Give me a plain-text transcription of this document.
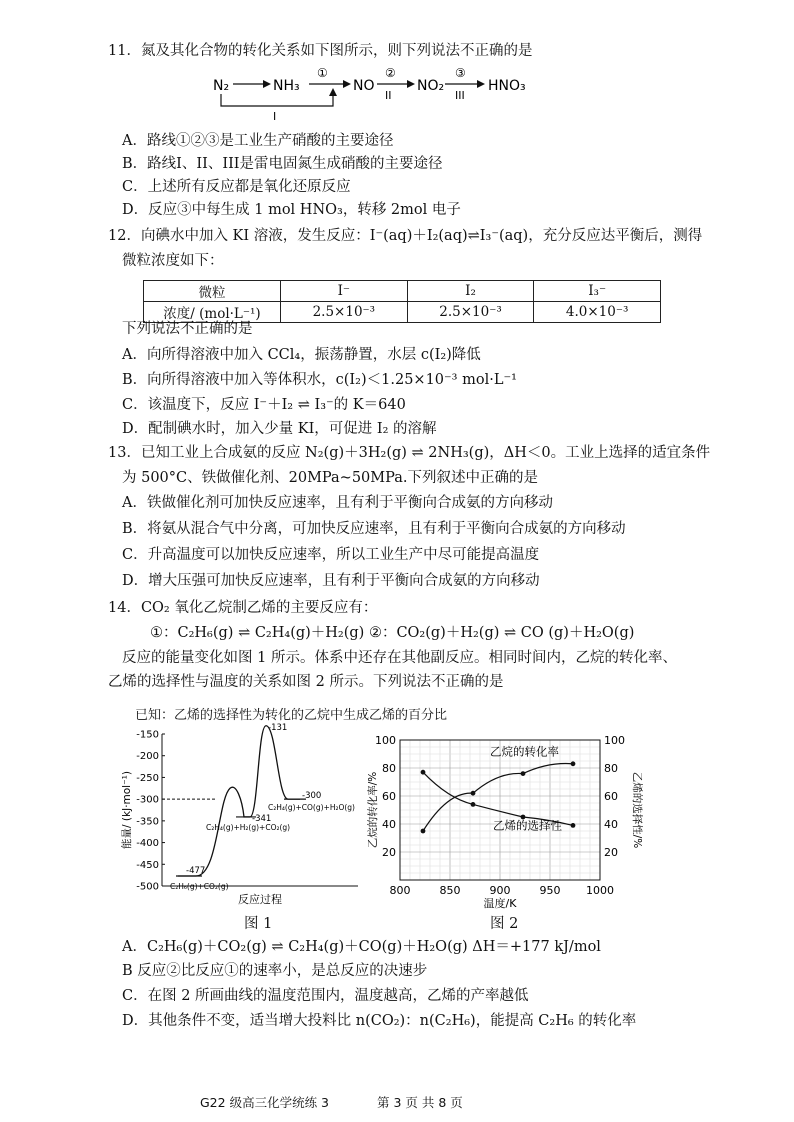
11．氮及其化合物的转化关系如下图所示，则下列说法不正确的是
N₂	NH₃
①
NO
②
II
NO₂
③
III
HNO₃
I
A．路线①②③是工业生产硝酸的主要途径
B．路线I、II、III是雷电固氮生成硝酸的主要途径
C．上述所有反应都是氧化还原反应
D．反应③中每生成 1 mol HNO₃，转移 2mol 电子
12．向碘水中加入 KI 溶液，发生反应：I⁻(aq)＋I₂(aq)⇌I₃⁻(aq)，充分反应达平衡后，测得
微粒浓度如下：
微粒	I⁻	I₂	I₃⁻
浓度/ (mol·L⁻¹)	2.5×10⁻³	2.5×10⁻³	4.0×10⁻³
下列说法不正确的是
A．向所得溶液中加入 CCl₄，振荡静置，水层 c(I₂)降低
B．向所得溶液中加入等体积水，c(I₂)＜1.25×10⁻³ mol·L⁻¹
C．该温度下，反应 I⁻＋I₂ ⇌ I₃⁻的 K＝640
D．配制碘水时，加入少量 KI，可促进 I₂ 的溶解
13．已知工业上合成氨的反应 N₂(g)＋3H₂(g) ⇌ 2NH₃(g)，ΔH＜0。工业上选择的适宜条件
为 500°C、铁做催化剂、20MPa~50MPa.下列叙述中正确的是
A．铁做催化剂可加快反应速率，且有利于平衡向合成氨的方向移动
B．将氨从混合气中分离，可加快反应速率，且有利于平衡向合成氨的方向移动
C．升高温度可以加快反应速率，所以工业生产中尽可能提高温度
D．增大压强可加快反应速率，且有利于平衡向合成氨的方向移动
14．CO₂ 氧化乙烷制乙烯的主要反应有：
①：C₂H₆(g) ⇌ C₂H₄(g)＋H₂(g) ②：CO₂(g)＋H₂(g) ⇌ CO (g)＋H₂O(g)
反应的能量变化如图 1 所示。体系中还存在其他副反应。相同时间内，乙烷的转化率、
乙烯的选择性与温度的关系如图 2 所示。下列说法不正确的是
已知：乙烯的选择性为转化的乙烷中生成乙烯的百分比
-150
-200
-250
-300
-350
-400
-450
-500
能量/ (kJ·mol⁻¹)
反应过程
-477
-341
-131
-300
C₂H₆(g)+CO₂(g)
C₂H₄(g)+H₂(g)+CO₂(g)
C₂H₄(g)+CO(g)+H₂O(g)
图 1
20	20
40	40
60	60
80	80
100	100
800	850	900	950 1000
温度/K
乙烷的转化率/%	乙烯的选择性/%
乙烷的转化率
乙烯的选择性
图 2
A．C₂H₆(g)＋CO₂(g) ⇌ C₂H₄(g)＋CO(g)＋H₂O(g) ΔH＝+177 kJ/mol
B 反应②比反应①的速率小，是总反应的决速步
C．在图 2 所画曲线的温度范围内，温度越高，乙烯的产率越低
D．其他条件不变，适当增大投料比 n(CO₂)：n(C₂H₆)，能提高 C₂H₆ 的转化率
G22 级高三化学统练 3	第 3 页 共 8 页
